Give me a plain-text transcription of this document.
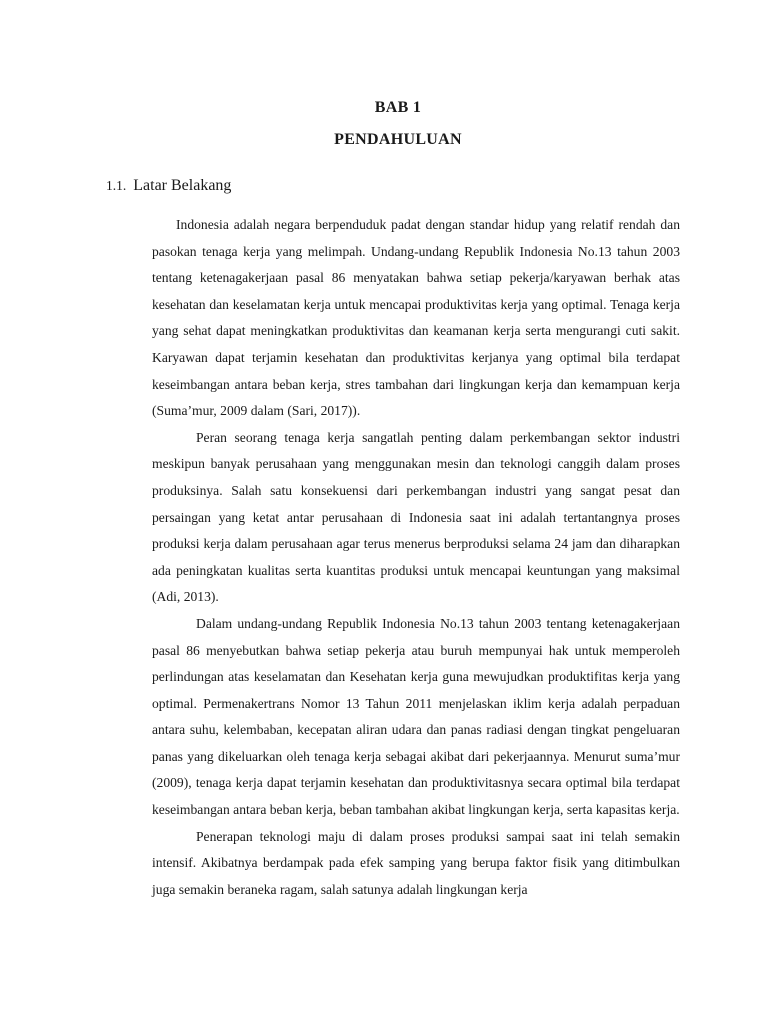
BAB 1
PENDAHULUAN
1.1. Latar Belakang

Indonesia adalah negara berpenduduk padat dengan standar hidup yang relatif rendah dan pasokan tenaga kerja yang melimpah. Undang-undang Republik Indonesia No.13 tahun 2003 tentang ketenagakerjaan pasal 86 menyatakan bahwa setiap pekerja/karyawan berhak atas kesehatan dan keselamatan kerja untuk mencapai produktivitas kerja yang optimal. Tenaga kerja yang sehat dapat meningkatkan produktivitas dan keamanan kerja serta mengurangi cuti sakit. Karyawan dapat terjamin kesehatan dan produktivitas kerjanya yang optimal bila terdapat keseimbangan antara beban kerja, stres tambahan dari lingkungan kerja dan kemampuan kerja (Suma’mur, 2009 dalam (Sari, 2017)).

Peran seorang tenaga kerja sangatlah penting dalam perkembangan sektor industri meskipun banyak perusahaan yang menggunakan mesin dan teknologi canggih dalam proses produksinya. Salah satu konsekuensi dari perkembangan industri yang sangat pesat dan persaingan yang ketat antar perusahaan di Indonesia saat ini adalah tertantangnya proses produksi kerja dalam perusahaan agar terus menerus berproduksi selama 24 jam dan diharapkan ada peningkatan kualitas serta kuantitas produksi untuk mencapai keuntungan yang maksimal (Adi, 2013).

Dalam undang-undang Republik Indonesia No.13 tahun 2003 tentang ketenagakerjaan pasal 86 menyebutkan bahwa setiap pekerja atau buruh mempunyai hak untuk memperoleh perlindungan atas keselamatan dan Kesehatan kerja guna mewujudkan produktifitas kerja yang optimal. Permenakertrans Nomor 13 Tahun 2011 menjelaskan iklim kerja adalah perpaduan antara suhu, kelembaban, kecepatan aliran udara dan panas radiasi dengan tingkat pengeluaran panas yang dikeluarkan oleh tenaga kerja sebagai akibat dari pekerjaannya. Menurut suma’mur (2009), tenaga kerja dapat terjamin kesehatan dan produktivitasnya secara optimal bila terdapat keseimbangan antara beban kerja, beban tambahan akibat lingkungan kerja, serta kapasitas kerja.

Penerapan teknologi maju di dalam proses produksi sampai saat ini telah semakin intensif. Akibatnya berdampak pada efek samping yang berupa faktor fisik yang ditimbulkan juga semakin beraneka ragam, salah satunya adalah lingkungan kerja
